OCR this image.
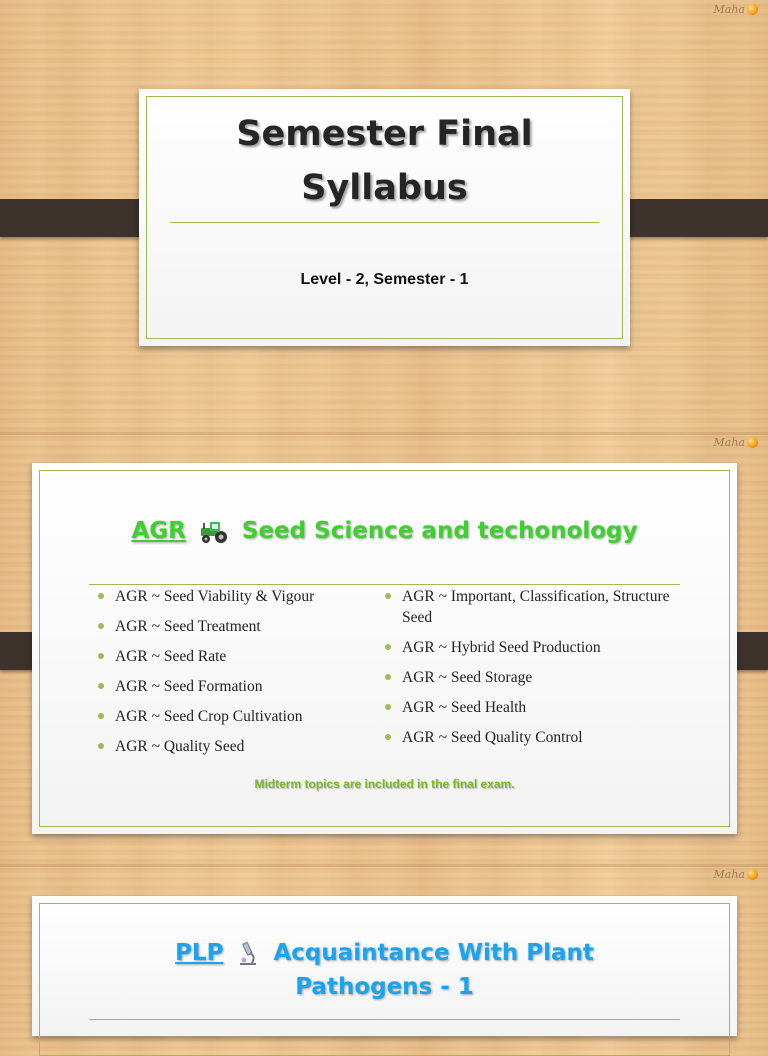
Maha
Semester Final
Syllabus
Level - 2, Semester - 1
Maha
AGR Seed Science and techonology
AGR ~ Seed Viability & Vigour
AGR ~ Seed Treatment
AGR ~ Seed Rate
AGR ~ Seed Formation
AGR ~ Seed Crop Cultivation
AGR ~ Quality Seed
AGR ~ Important, Classification, Structure Seed
AGR ~ Hybrid Seed Production
AGR ~ Seed Storage
AGR ~ Seed Health
AGR ~ Seed Quality Control
Midterm topics are included in the final exam.
Maha
PLP Acquaintance With Plant
Pathogens - 1
